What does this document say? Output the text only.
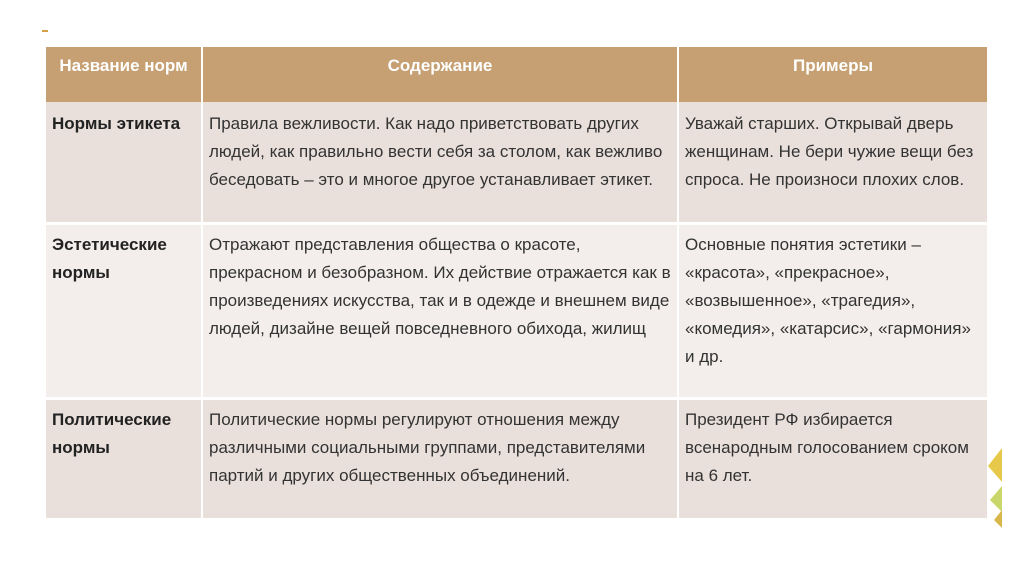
Название норм	Содержание	Примеры
Нормы этикета	Правила вежливости. Как надо приветствовать других людей, как правильно вести себя за столом, как вежливо беседовать – это и многое другое устанавливает этикет.	Уважай старших. Открывай дверь женщинам. Не бери чужие вещи без спроса. Не произноси плохих слов.

Эстетические нормы	Отражают представления общества о красоте, прекрасном и безобразном. Их действие отражается как в произведениях искусства, так и в одежде и внешнем виде людей, дизайне вещей повседневного обихода, жилищ	Основные понятия эстетики – «красота», «прекрасное», «возвышенное», «трагедия», «комедия», «катарсис», «гармония» и др.

Политические нормы	Политические нормы регулируют отношения между различными социальными группами, представителями партий и других общественных объединений.	Президент РФ избирается всенародным голосованием сроком на 6 лет.
